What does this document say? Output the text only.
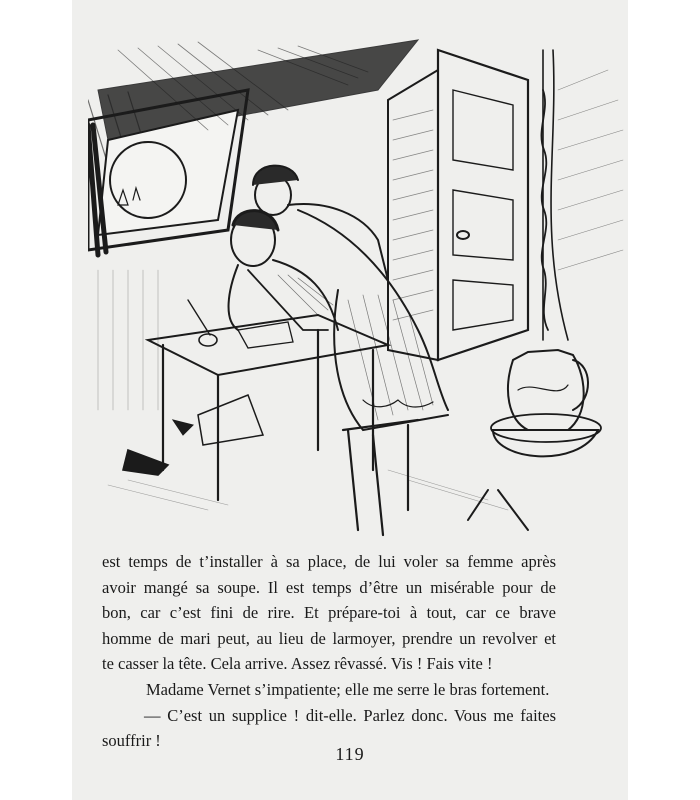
est temps de t’installer à sa place, de lui voler sa femme après
avoir mangé sa soupe. Il est temps d’être un misérable pour de
bon, car c’est fini de rire. Et prépare-toi à tout, car ce brave
homme de mari peut, au lieu de larmoyer, prendre un revolver et
te casser la tête. Cela arrive. Assez rêvassé. Vis ! Fais vite !
Madame Vernet s’impatiente; elle me serre le bras fortement.
— C’est un supplice ! dit-elle. Parlez donc. Vous me faites
souffrir !
119
